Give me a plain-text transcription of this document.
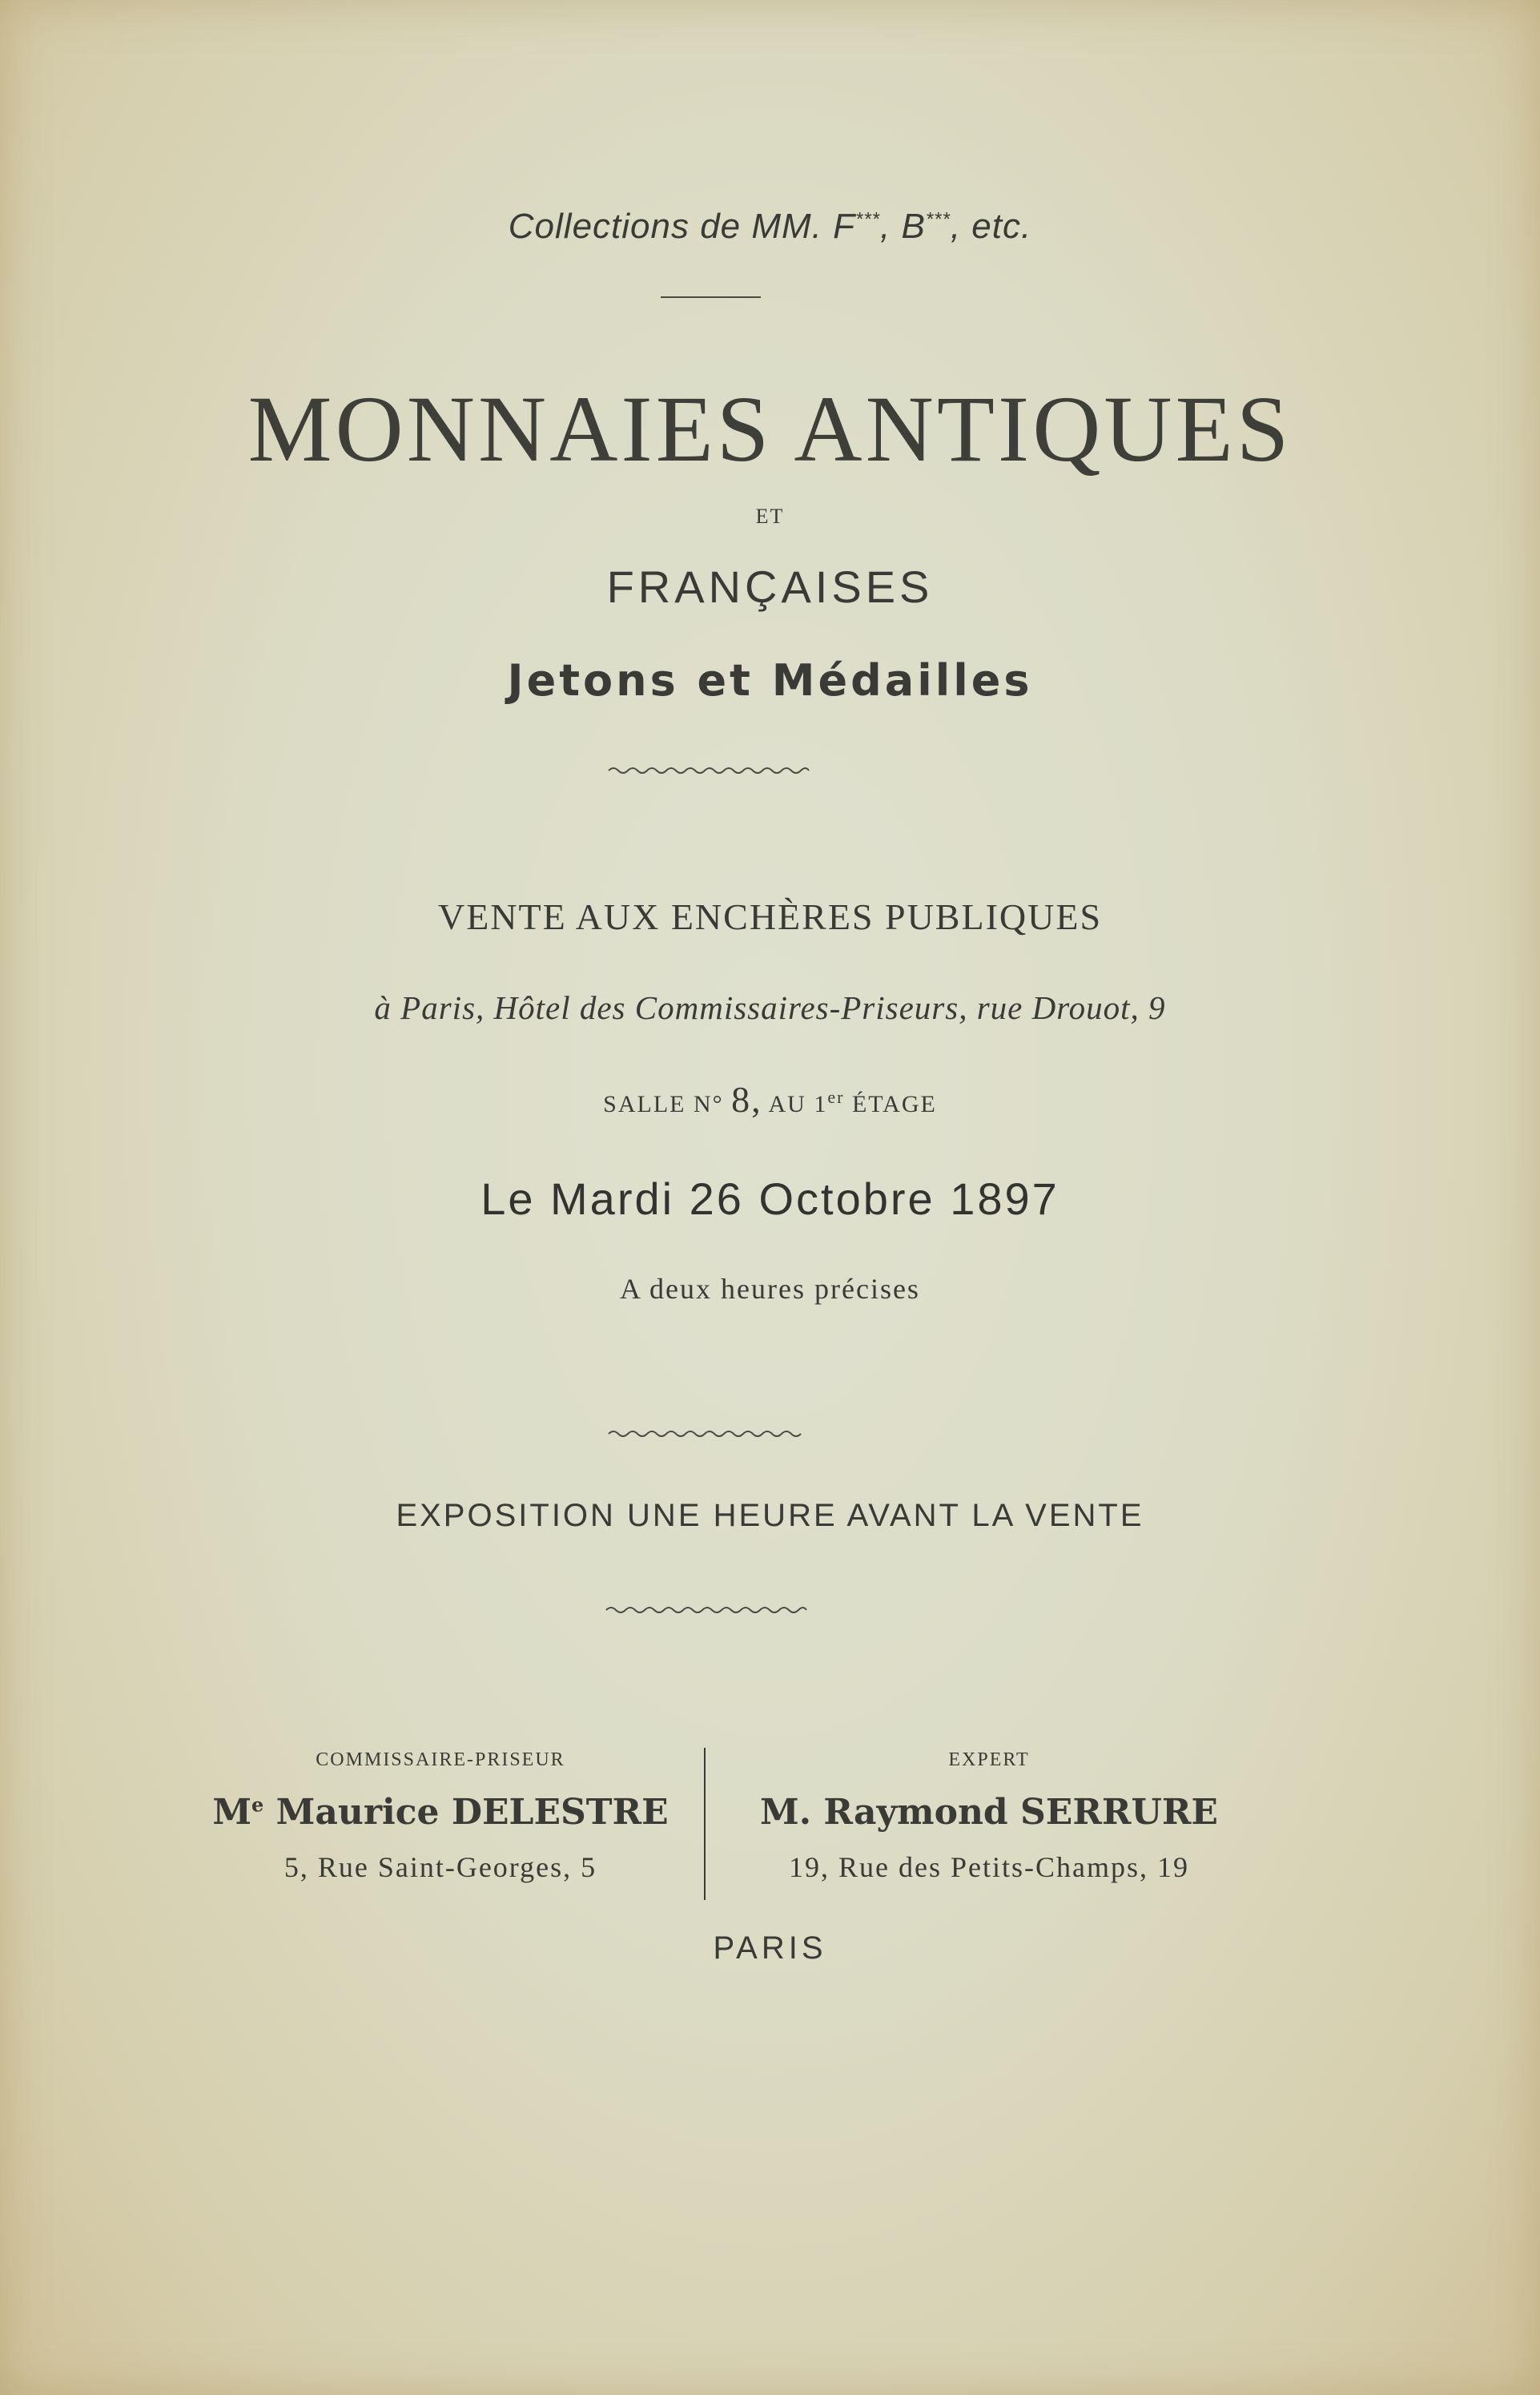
Collections de MM. F***, B***, etc.
MONNAIES ANTIQUES
ET
FRANÇAISES
Jetons et Médailles
VENTE AUX ENCHÈRES PUBLIQUES
à Paris, Hôtel des Commissaires-Priseurs, rue Drouot, 9
SALLE N° 8, AU 1er ÉTAGE
Le Mardi 26 Octobre 1897
A deux heures précises
EXPOSITION UNE HEURE AVANT LA VENTE
COMMISSAIRE-PRISEUR
Me Maurice DELESTRE
5, Rue Saint-Georges, 5
EXPERT
M. Raymond SERRURE
19, Rue des Petits-Champs, 19
PARIS
